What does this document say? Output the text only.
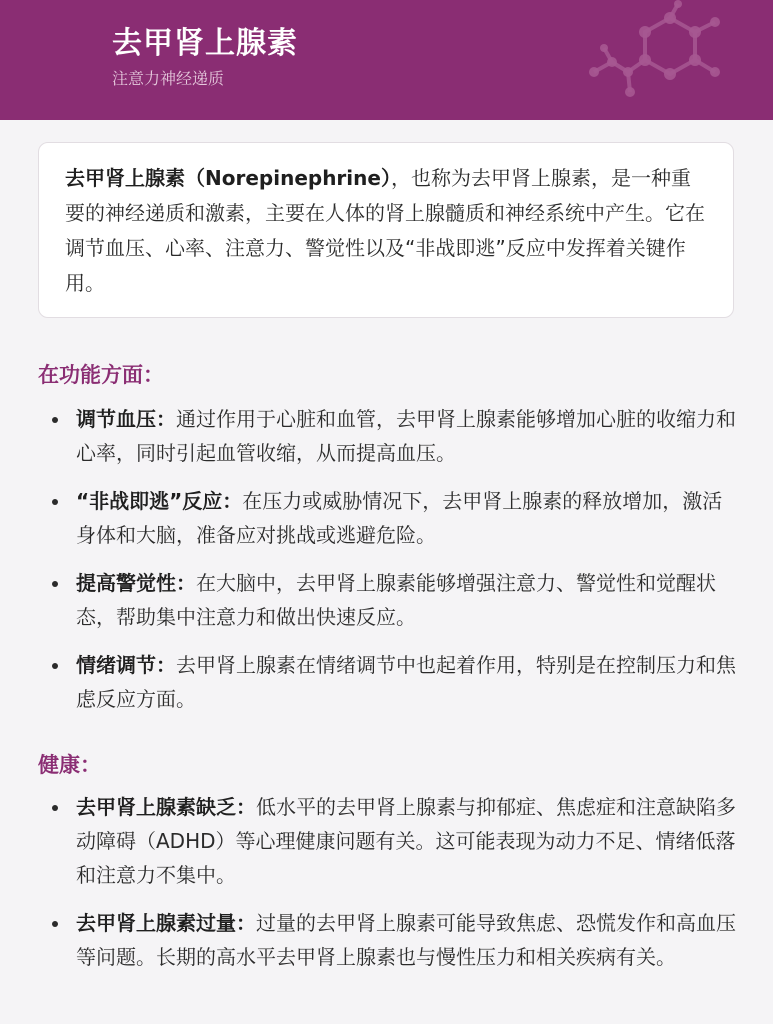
去甲肾上腺素
注意力神经递质

去甲肾上腺素（Norepinephrine），也称为去甲肾上腺素，是一种重要的神经递质和激素，主要在人体的肾上腺髓质和神经系统中产生。它在调节血压、心率、注意力、警觉性以及“非战即逃”反应中发挥着关键作用。

在功能方面：
调节血压：通过作用于心脏和血管，去甲肾上腺素能够增加心脏的收缩力和心率，同时引起血管收缩，从而提高血压。
“非战即逃”反应：在压力或威胁情况下，去甲肾上腺素的释放增加，激活身体和大脑，准备应对挑战或逃避危险。
提高警觉性：在大脑中，去甲肾上腺素能够增强注意力、警觉性和觉醒状态，帮助集中注意力和做出快速反应。
情绪调节：去甲肾上腺素在情绪调节中也起着作用，特别是在控制压力和焦虑反应方面。
健康：
去甲肾上腺素缺乏：低水平的去甲肾上腺素与抑郁症、焦虑症和注意缺陷多动障碍（ADHD）等心理健康问题有关。这可能表现为动力不足、情绪低落和注意力不集中。
去甲肾上腺素过量：过量的去甲肾上腺素可能导致焦虑、恐慌发作和高血压等问题。长期的高水平去甲肾上腺素也与慢性压力和相关疾病有关。
